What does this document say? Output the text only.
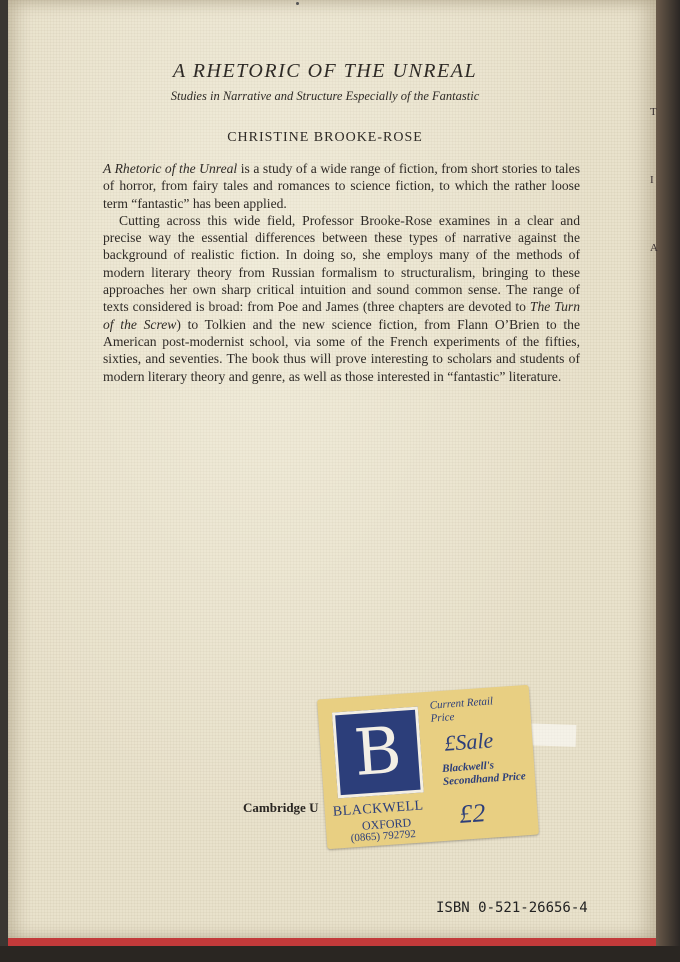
A RHETORIC OF THE UNREAL
Studies in Narrative and Structure Especially of the Fantastic
CHRISTINE BROOKE-ROSE

A Rhetoric of the Unreal is a study of a wide range of fiction, from short stories to tales of horror, from fairy tales and romances to science fiction, to which the rather loose term “fantastic” has been applied.

Cutting across this wide field, Professor Brooke-Rose examines in a clear and precise way the essential differences between these types of narrative against the background of realistic fiction. In doing so, she employs many of the methods of modern literary theory from Russian formalism to structuralism, bringing to these approaches her own sharp critical intuition and sound common sense. The range of texts considered is broad: from Poe and James (three chapters are devoted to The Turn of the Screw) to Tolkien and the new science fiction, from Flann O’Brien to the American post-modernist school, via some of the French experiments of the fifties, sixties, and seventies. The book thus will prove interesting to scholars and students of modern literary theory and genre, as well as those interested in “fantastic” literature.

Cambridge U
B
BLACKWELL
OXFORD
(0865) 792792
Current Retail Price
£Sale
Blackwell's Secondhand Price
£2
ISBN 0-521-26656-4
T
I
A
